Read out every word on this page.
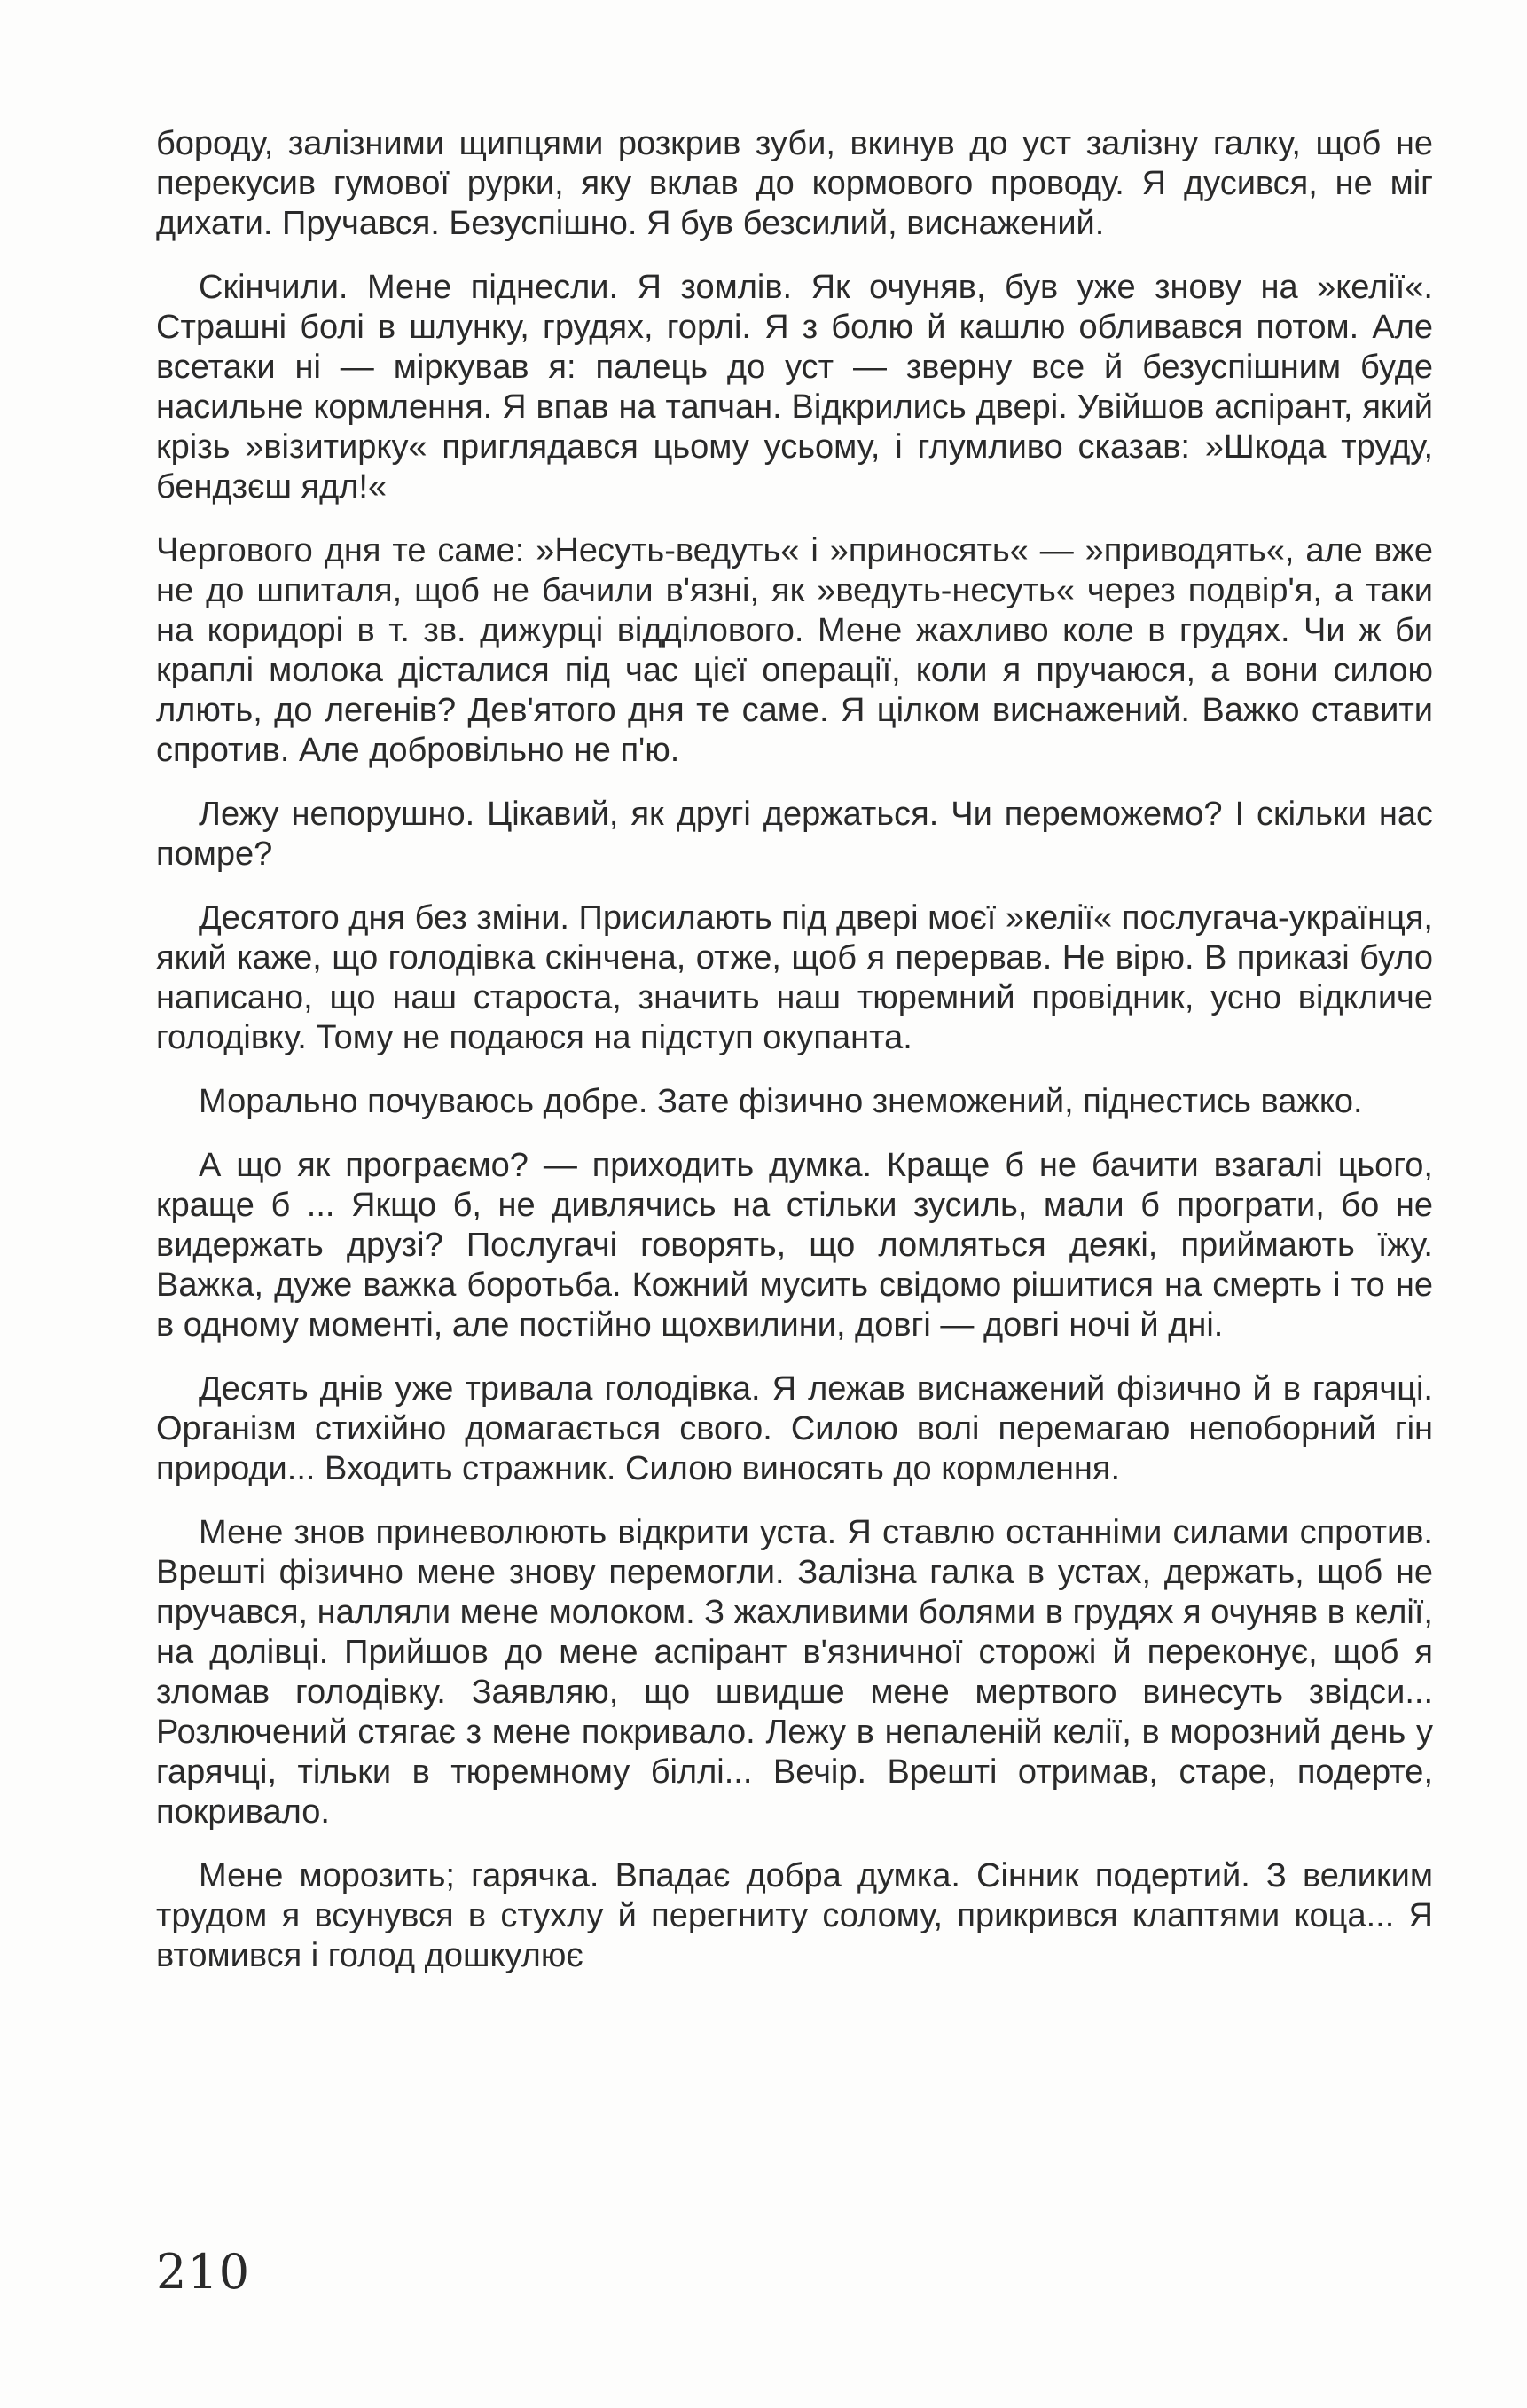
бороду, залізними щипцями розкрив зуби, вкинув до уст залізну галку, щоб не перекусив гумової рурки, яку вклав до кормового проводу. Я дусився, не міг дихати. Пручався. Безуспішно. Я був безсилий, виснажений.

Скінчили. Мене піднесли. Я зомлів. Як очуняв, був уже знову на »келії«. Страшні болі в шлунку, грудях, горлі. Я з болю й кашлю обливався потом. Але всетаки ні — міркував я: палець до уст — зверну все й безуспішним буде насильне кормлення. Я впав на тапчан. Відкрились двері. Увійшов аспірант, який крізь »візитирку« приглядався цьому усьому, і глумливо сказав: »Шкода труду, бендзєш ядл!«

Чергового дня те саме: »Несуть-ведуть« і »приносять« — »приводять«, але вже не до шпиталя, щоб не бачили в'язні, як »ведуть-несуть« через подвір'я, а таки на коридорі в т. зв. дижурці відділового. Мене жахливо коле в грудях. Чи ж би краплі молока дісталися під час цієї операції, коли я пручаюся, а вони силою ллють, до легенів? Дев'ятого дня те саме. Я цілком виснажений. Важко ставити спротив. Але добровільно не п'ю.

Лежу непорушно. Цікавий, як другі держаться. Чи переможемо? І скільки нас помре?

Десятого дня без зміни. Присилають під двері моєї »келії« послугача-українця, який каже, що голодівка скінчена, отже, щоб я перервав. Не вірю. В приказі було написано, що наш староста, значить наш тюремний провідник, усно відкличе голодівку. Тому не подаюся на підступ окупанта.

Морально почуваюсь добре. Зате фізично знеможений, піднестись важко.

А що як програємо? — приходить думка. Краще б не бачити взагалі цього, краще б ... Якщо б, не дивлячись на стільки зусиль, мали б програти, бо не видержать друзі? Послугачі говорять, що ломляться деякі, приймають їжу. Важка, дуже важка боротьба. Кожний мусить свідомо рішитися на смерть і то не в одному моменті, але постійно щохвилини, довгі — довгі ночі й дні.

Десять днів уже тривала голодівка. Я лежав виснажений фізично й в гарячці. Організм стихійно домагається свого. Силою волі перемагаю непоборний гін природи... Входить стражник. Силою виносять до кормлення.

Мене знов приневолюють відкрити уста. Я ставлю останніми силами спротив. Врешті фізично мене знову перемогли. Залізна галка в устах, держать, щоб не пручався, налляли мене молоком. З жахливими болями в грудях я очуняв в келії, на долівці. Прийшов до мене аспірант в'язничної сторожі й переконує, щоб я зломав голодівку. Заявляю, що швидше мене мертвого винесуть звідси... Розлючений стягає з мене покривало. Лежу в непаленій келії, в морозний день у гарячці, тільки в тюремному біллі... Вечір. Врешті отримав, старе, подерте, покривало.

Мене морозить; гарячка. Впадає добра думка. Сінник подертий. З великим трудом я всунувся в стухлу й перегниту солому, прикрився клаптями коца... Я втомився і голод дошкулює

210
